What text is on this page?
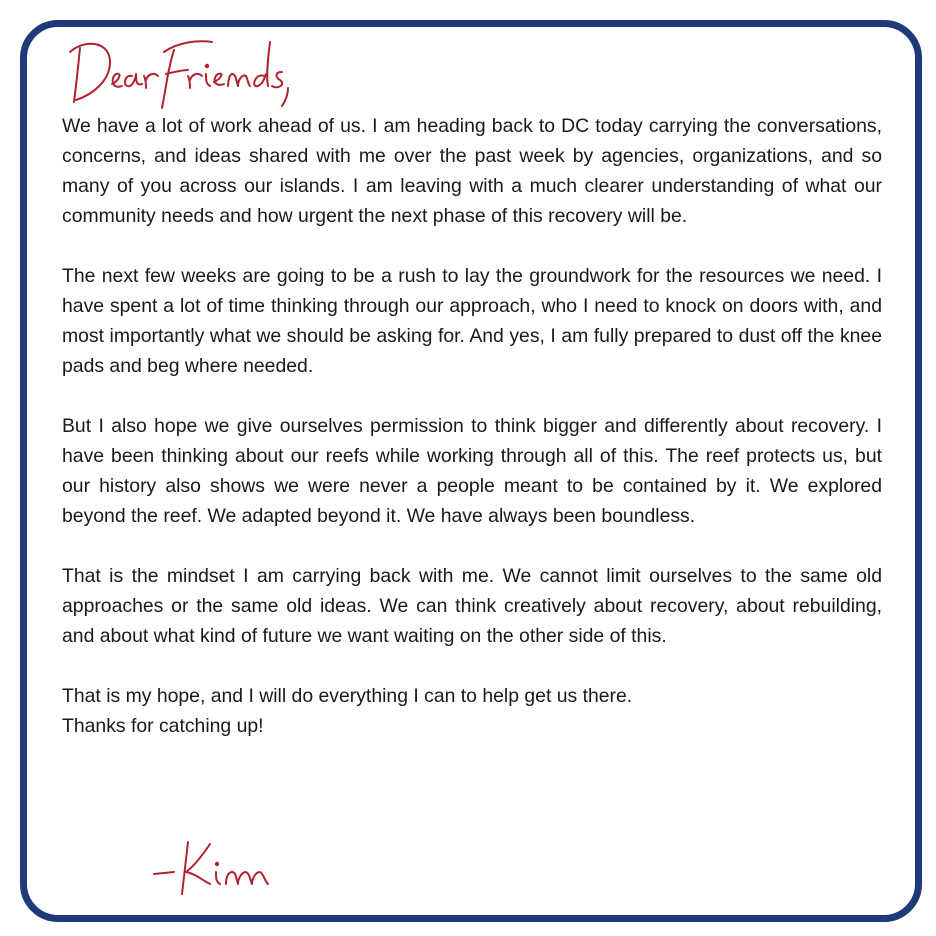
We have a lot of work ahead of us. I am heading back to DC today carrying the conversations, concerns, and ideas shared with me over the past week by agencies, organizations, and so many of you across our islands. I am leaving with a much clearer understanding of what our community needs and how urgent the next phase of this recovery will be.

The next few weeks are going to be a rush to lay the groundwork for the resources we need. I have spent a lot of time thinking through our approach, who I need to knock on doors with, and most importantly what we should be asking for. And yes, I am fully prepared to dust off the knee pads and beg where needed.

But I also hope we give ourselves permission to think bigger and differently about recovery. I have been thinking about our reefs while working through all of this. The reef protects us, but our history also shows we were never a people meant to be contained by it. We explored beyond the reef. We adapted beyond it. We have always been boundless.

That is the mindset I am carrying back with me. We cannot limit ourselves to the same old approaches or the same old ideas. We can think creatively about recovery, about rebuilding, and about what kind of future we want waiting on the other side of this.

That is my hope, and I will do everything I can to help get us there.
Thanks for catching up!
